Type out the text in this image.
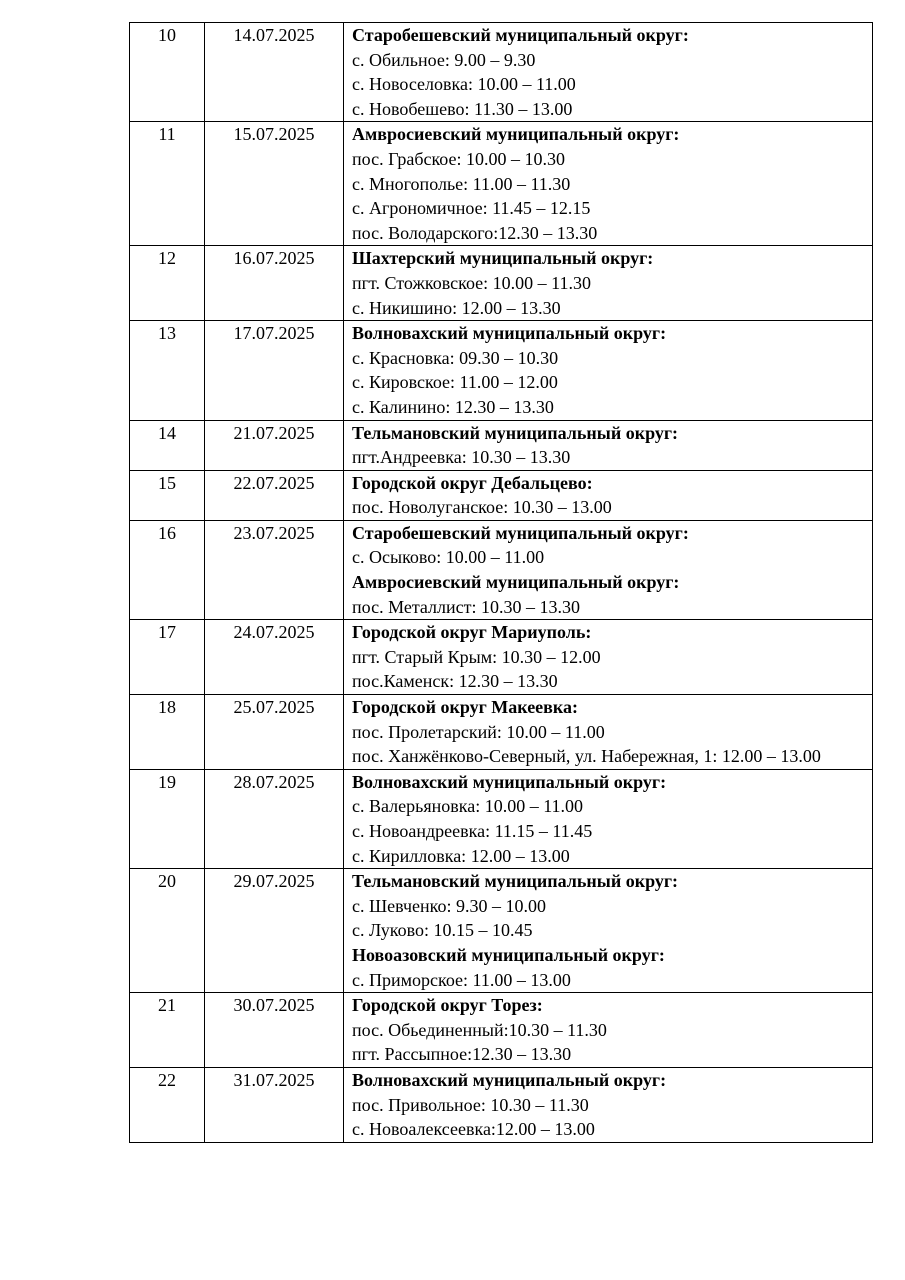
10	14.07.2025	Старобешевский муниципальный округ:
с. Обильное: 9.00 – 9.30
с. Новоселовка: 10.00 – 11.00
с. Новобешево: 11.30 – 13.00

11	15.07.2025	Амвросиевский муниципальный округ:
пос. Грабское: 10.00 – 10.30
с. Многополье: 11.00 – 11.30
с. Агрономичное: 11.45 – 12.15
пос. Володарского:12.30 – 13.30

12	16.07.2025	Шахтерский муниципальный округ:
пгт. Стожковское: 10.00 – 11.30
с. Никишино: 12.00 – 13.30

13	17.07.2025	Волновахский муниципальный округ:
с. Красновка: 09.30 – 10.30
с. Кировское: 11.00 – 12.00
с. Калинино: 12.30 – 13.30

14	21.07.2025	Тельмановский муниципальный округ:
пгт.Андреевка: 10.30 – 13.30

15	22.07.2025	Городской округ Дебальцево:
пос. Новолуганское: 10.30 – 13.00

16	23.07.2025	Старобешевский муниципальный округ:
с. Осыково: 10.00 – 11.00
Амвросиевский муниципальный округ:
пос. Металлист: 10.30 – 13.30

17	24.07.2025	Городской округ Мариуполь:
пгт. Старый Крым: 10.30 – 12.00
пос.Каменск: 12.30 – 13.30

18	25.07.2025	Городской округ Макеевка:
пос. Пролетарский: 10.00 – 11.00
пос. Ханжёнково-Северный, ул. Набережная, 1: 12.00 – 13.00

19	28.07.2025	Волновахский муниципальный округ:
с. Валерьяновка: 10.00 – 11.00
с. Новоандреевка: 11.15 – 11.45
с. Кирилловка: 12.00 – 13.00

20	29.07.2025	Тельмановский муниципальный округ:
с. Шевченко: 9.30 – 10.00
с. Луково: 10.15 – 10.45
Новоазовский муниципальный округ:
с. Приморское: 11.00 – 13.00

21	30.07.2025	Городской округ Торез:
пос. Обьединенный:10.30 – 11.30
пгт. Рассыпное:12.30 – 13.30

22	31.07.2025	Волновахский муниципальный округ:
пос. Привольное: 10.30 – 11.30
с. Новоалексеевка:12.00 – 13.00
